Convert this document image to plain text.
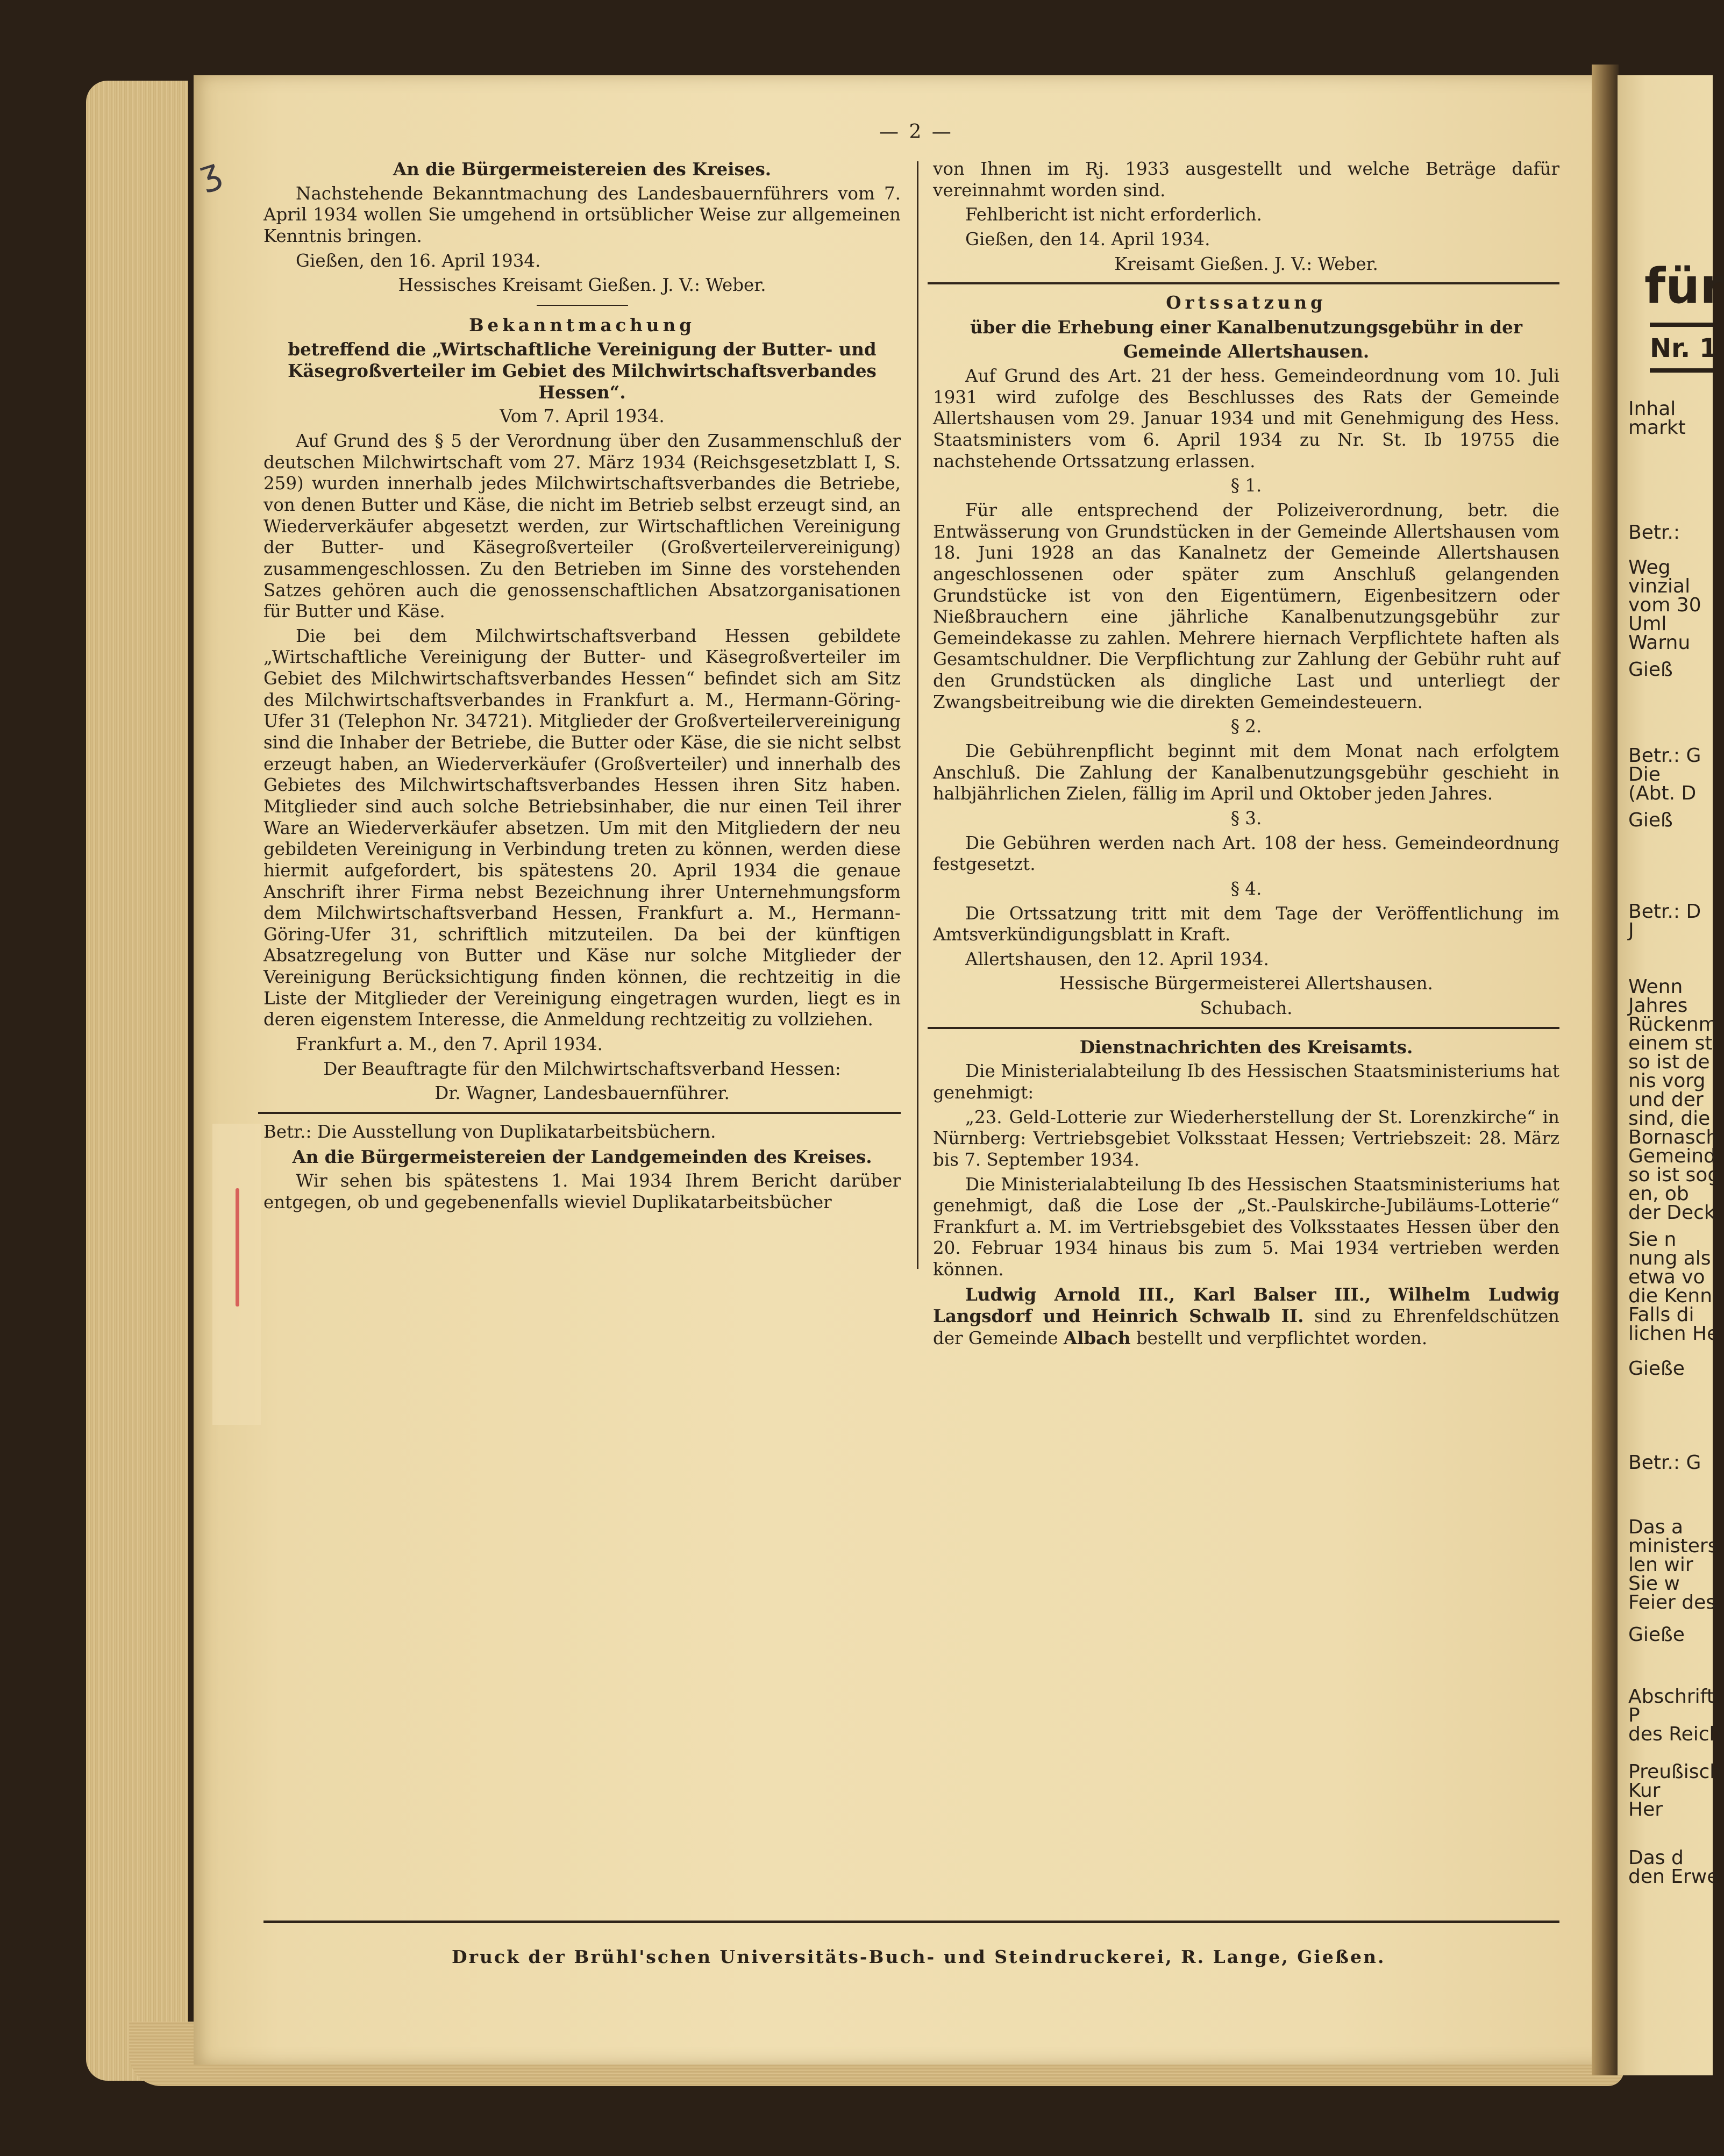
ʒ
— 2 —

An die Bürgermeistereien des Kreises.

Nachstehende Bekanntmachung des Landesbauernführers vom 7. April 1934 wollen Sie umgehend in ortsüblicher Weise zur allgemeinen Kenntnis bringen.

Gießen, den 16. April 1934.

Hessisches Kreisamt Gießen. J. V.: Weber.

Bekanntmachung

betreffend die „Wirtschaftliche Vereinigung der Butter- und Käsegroßverteiler im Gebiet des Milchwirtschaftsverbandes Hessen“.

Vom 7. April 1934.

Auf Grund des § 5 der Verordnung über den Zusammenschluß der deutschen Milchwirtschaft vom 27. März 1934 (Reichsgesetzblatt I, S. 259) wurden innerhalb jedes Milchwirtschaftsverbandes die Betriebe, von denen Butter und Käse, die nicht im Betrieb selbst erzeugt sind, an Wiederverkäufer abgesetzt werden, zur Wirtschaftlichen Vereinigung der Butter- und Käsegroßverteiler (Großverteilervereinigung) zusammengeschlossen. Zu den Betrieben im Sinne des vorstehenden Satzes gehören auch die genossenschaftlichen Absatzorganisationen für Butter und Käse.

Die bei dem Milchwirtschaftsverband Hessen gebildete „Wirtschaftliche Vereinigung der Butter- und Käsegroßverteiler im Gebiet des Milchwirtschaftsverbandes Hessen“ befindet sich am Sitz des Milchwirtschaftsverbandes in Frankfurt a. M., Hermann-Göring-Ufer 31 (Telephon Nr. 34721). Mitglieder der Großverteilervereinigung sind die Inhaber der Betriebe, die Butter oder Käse, die sie nicht selbst erzeugt haben, an Wiederverkäufer (Großverteiler) und innerhalb des Gebietes des Milchwirtschaftsverbandes Hessen ihren Sitz haben. Mitglieder sind auch solche Betriebsinhaber, die nur einen Teil ihrer Ware an Wiederverkäufer absetzen. Um mit den Mitgliedern der neu gebildeten Vereinigung in Verbindung treten zu können, werden diese hiermit aufgefordert, bis spätestens 20. April 1934 die genaue Anschrift ihrer Firma nebst Bezeichnung ihrer Unternehmungsform dem Milchwirtschaftsverband Hessen, Frankfurt a. M., Hermann-Göring-Ufer 31, schriftlich mitzuteilen. Da bei der künftigen Absatzregelung von Butter und Käse nur solche Mitglieder der Vereinigung Berücksichtigung finden können, die rechtzeitig in die Liste der Mitglieder der Vereinigung eingetragen wurden, liegt es in deren eigenstem Interesse, die Anmeldung rechtzeitig zu vollziehen.

Frankfurt a. M., den 7. April 1934.

Der Beauftragte für den Milchwirtschaftsverband Hessen:

Dr. Wagner, Landesbauernführer.

Betr.: Die Ausstellung von Duplikatarbeitsbüchern.

An die Bürgermeistereien der Landgemeinden des Kreises.

Wir sehen bis spätestens 1. Mai 1934 Ihrem Bericht darüber entgegen, ob und gegebenenfalls wieviel Duplikatarbeitsbücher

von Ihnen im Rj. 1933 ausgestellt und welche Beträge dafür vereinnahmt worden sind.

Fehlbericht ist nicht erforderlich.

Gießen, den 14. April 1934.

Kreisamt Gießen. J. V.: Weber.

Ortssatzung

über die Erhebung einer Kanalbenutzungsgebühr in der

Gemeinde Allertshausen.

Auf Grund des Art. 21 der hess. Gemeindeordnung vom 10. Juli 1931 wird zufolge des Beschlusses des Rats der Gemeinde Allertshausen vom 29. Januar 1934 und mit Genehmigung des Hess. Staatsministers vom 6. April 1934 zu Nr. St. Ib 19755 die nachstehende Ortssatzung erlassen.

§ 1.

Für alle entsprechend der Polizeiverordnung, betr. die Entwässerung von Grundstücken in der Gemeinde Allertshausen vom 18. Juni 1928 an das Kanalnetz der Gemeinde Allertshausen angeschlossenen oder später zum Anschluß gelangenden Grundstücke ist von den Eigentümern, Eigenbesitzern oder Nießbrauchern eine jährliche Kanalbenutzungsgebühr zur Gemeindekasse zu zahlen. Mehrere hiernach Verpflichtete haften als Gesamtschuldner. Die Verpflichtung zur Zahlung der Gebühr ruht auf den Grundstücken als dingliche Last und unterliegt der Zwangsbeitreibung wie die direkten Gemeindesteuern.

§ 2.

Die Gebührenpflicht beginnt mit dem Monat nach erfolgtem Anschluß. Die Zahlung der Kanalbenutzungsgebühr geschieht in halbjährlichen Zielen, fällig im April und Oktober jeden Jahres.

§ 3.

Die Gebühren werden nach Art. 108 der hess. Gemeindeordnung festgesetzt.

§ 4.

Die Ortssatzung tritt mit dem Tage der Veröffentlichung im Amtsverkündigungsblatt in Kraft.

Allertshausen, den 12. April 1934.

Hessische Bürgermeisterei Allertshausen.

Schubach.

Dienstnachrichten des Kreisamts.

Die Ministerialabteilung Ib des Hessischen Staatsministeriums hat genehmigt:

„23. Geld-Lotterie zur Wiederherstellung der St. Lorenzkirche“ in Nürnberg: Vertriebsgebiet Volksstaat Hessen; Vertriebszeit: 28. März bis 7. September 1934.

Die Ministerialabteilung Ib des Hessischen Staatsministeriums hat genehmigt, daß die Lose der „St.-Paulskirche-Jubiläums-Lotterie“ Frankfurt a. M. im Vertriebsgebiet des Volksstaates Hessen über den 20. Februar 1934 hinaus bis zum 5. Mai 1934 vertrieben werden können.

Ludwig Arnold III., Karl Balser III., Wilhelm Ludwig Langsdorf und Heinrich Schwalb II. sind zu Ehrenfeldschützen der Gemeinde Albach bestellt und verpflichtet worden.

Druck der Brühl'schen Universitäts-Buch- und Steindruckerei, R. Lange, Gießen.
für
Nr. 1
Inhal
markt
Betr.:
Weg
vinzial
vom 30
Uml
Warnu
Gieß
Betr.: G
Die
(Abt. D
Gieß
Betr.: D
J
Wenn
Jahres
Rückenm
einem st
so ist de
nis vorg
und der
sind, die
Bornasch
Gemeind
so ist sog
en, ob
der Deck
Sie n
nung als
etwa vo
die Kenn
Falls di
lichen He
Gieße
Betr.: G
Das a
ministers
len wir
Sie w
Feier des
Gieße
Abschrift.
P
des Reich
Preußisch
Kur
Her
Das d
den Erwe
